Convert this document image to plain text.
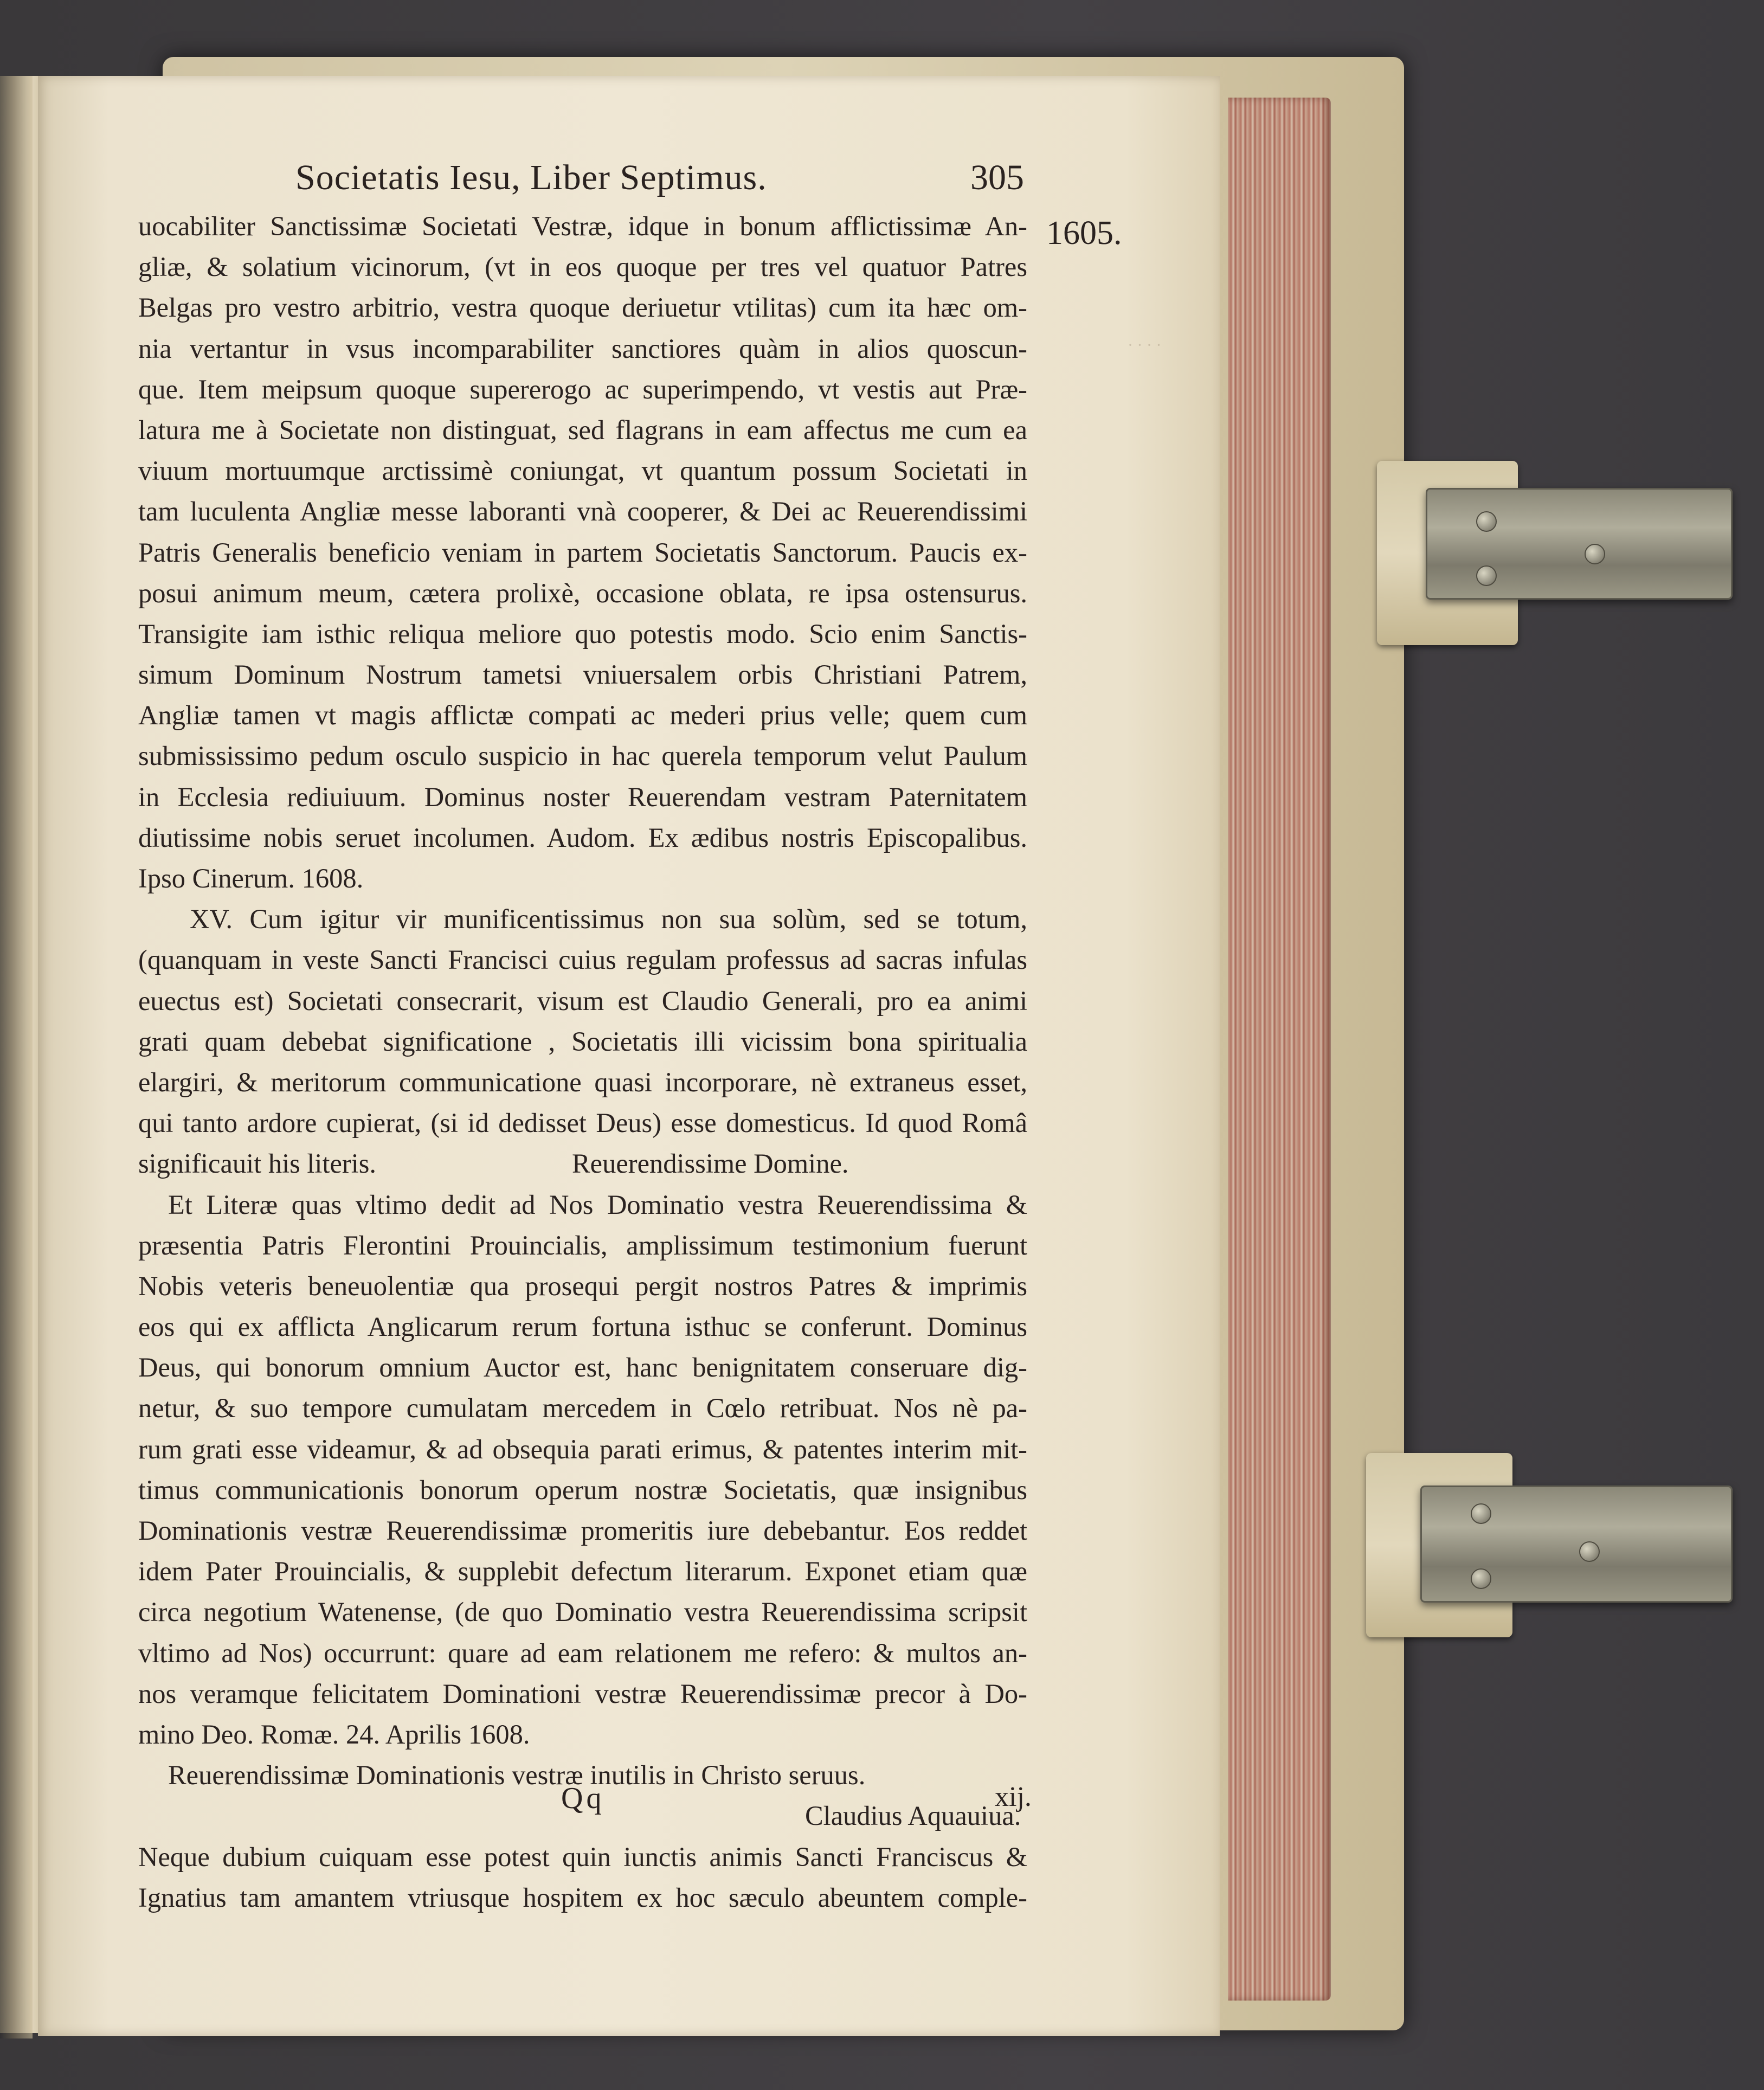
· · · ·
Societatis Iesu, Liber Septimus.	305
uocabiliter Sanctissimæ Societati Vestræ, idque in bonum afflictissimæ An-
gliæ, & solatium vicinorum, (vt in eos quoque per tres vel quatuor Patres
Belgas pro vestro arbitrio, vestra quoque deriuetur vtilitas) cum ita hæc om-
nia vertantur in vsus incomparabiliter sanctiores quàm in alios quoscun-
que. Item meipsum quoque supererogo ac superimpendo, vt vestis aut Præ-
latura me à Societate non distinguat, sed flagrans in eam affectus me cum ea
viuum mortuumque arctissimè coniungat, vt quantum possum Societati in
tam luculenta Angliæ messe laboranti vnà cooperer, & Dei ac Reuerendissimi
Patris Generalis beneficio veniam in partem Societatis Sanctorum. Paucis ex-
posui animum meum, cætera prolixè, occasione oblata, re ipsa ostensurus.
Transigite iam isthic reliqua meliore quo potestis modo. Scio enim Sanctis-
simum Dominum Nostrum tametsi vniuersalem orbis Christiani Patrem,
Angliæ tamen vt magis afflictæ compati ac mederi prius velle; quem cum
submississimo pedum osculo suspicio in hac querela temporum velut Paulum
in Ecclesia rediuiuum. Dominus noster Reuerendam vestram Paternitatem
diutissime nobis seruet incolumen. Audom. Ex ædibus nostris Episcopalibus.
Ipso Cinerum. 1608.
XV. Cum igitur vir munificentissimus non sua solùm, sed se totum,
(quanquam in veste Sancti Francisci cuius regulam professus ad sacras infulas
euectus est) Societati consecrarit, visum est Claudio Generali, pro ea animi
grati quam debebat significatione , Societatis illi vicissim bona spiritualia
elargiri, & meritorum communicatione quasi incorporare, nè extraneus esset,
qui tanto ardore cupierat, (si id dedisset Deus) esse domesticus. Id quod Româ
significauit his literis.	Reuerendissime Domine.
Et Literæ quas vltimo dedit ad Nos Dominatio vestra Reuerendissima &
præsentia Patris Flerontini Prouincialis, amplissimum testimonium fuerunt
Nobis veteris beneuolentiæ qua prosequi pergit nostros Patres & imprimis
eos qui ex afflicta Anglicarum rerum fortuna isthuc se conferunt. Dominus
Deus, qui bonorum omnium Auctor est, hanc benignitatem conseruare dig-
netur, & suo tempore cumulatam mercedem in Cœlo retribuat. Nos nè pa-
rum grati esse videamur, & ad obsequia parati erimus, & patentes interim mit-
timus communicationis bonorum operum nostræ Societatis, quæ insignibus
Dominationis vestræ Reuerendissimæ promeritis iure debebantur. Eos reddet
idem Pater Prouincialis, & supplebit defectum literarum. Exponet etiam quæ
circa negotium Watenense, (de quo Dominatio vestra Reuerendissima scripsit
vltimo ad Nos) occurrunt: quare ad eam relationem me refero: & multos an-
nos veramque felicitatem Dominationi vestræ Reuerendissimæ precor à Do-
mino Deo. Romæ. 24. Aprilis 1608.
Reuerendissimæ Dominationis vestræ inutilis in Christo seruus.
Claudius Aquauiua.
Neque dubium cuiquam esse potest quin iunctis animis Sancti Franciscus &
Ignatius tam amantem vtriusque hospitem ex hoc sæculo abeuntem comple-
1605.
Qq	xij.
